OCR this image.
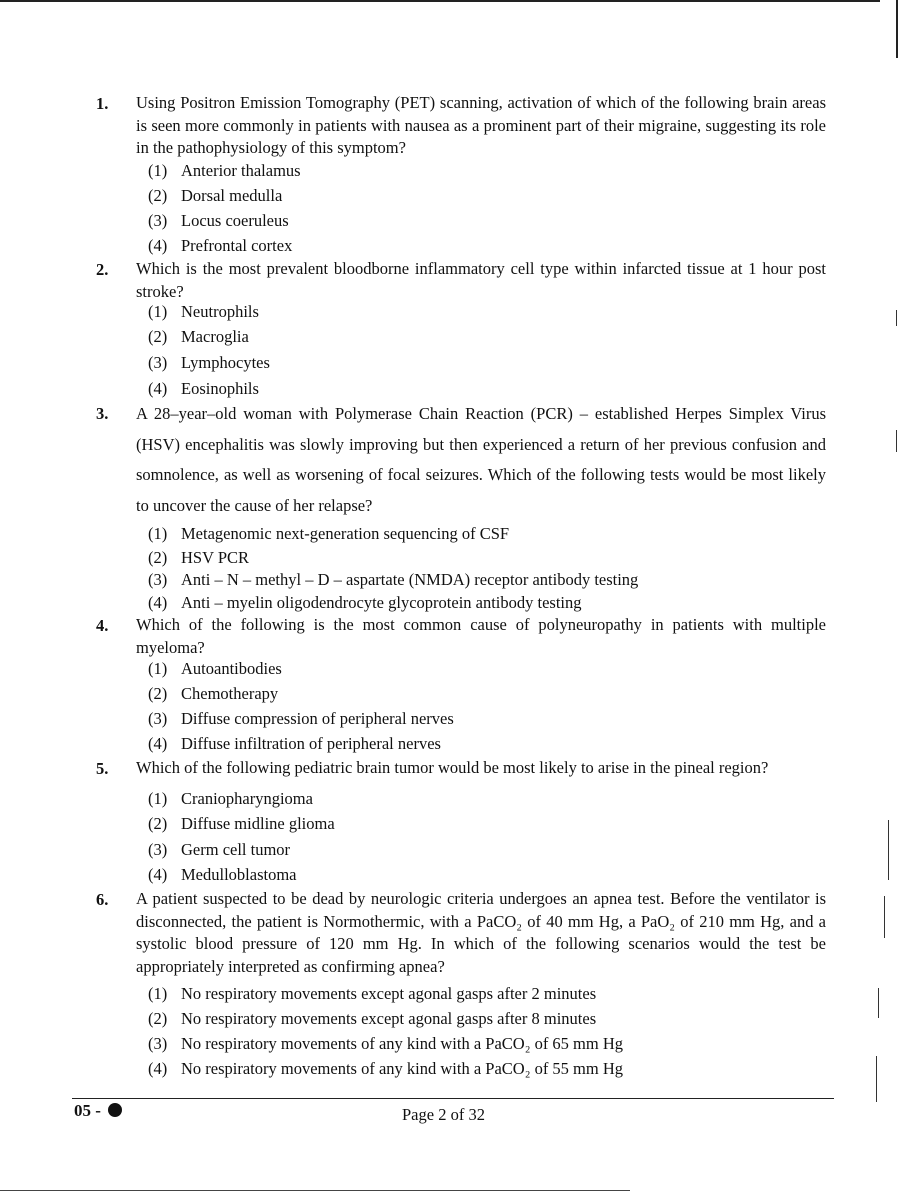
1. Using Positron Emission Tomography (PET) scanning, activation of which of the following brain areas is seen more commonly in patients with nausea as a prominent part of their migraine, suggesting its role in the pathophysiology of this symptom?
(1) Anterior thalamus
(2) Dorsal medulla
(3) Locus coeruleus
(4) Prefrontal cortex
2. Which is the most prevalent bloodborne inflammatory cell type within infarcted tissue at 1 hour post stroke?
(1) Neutrophils
(2) Macroglia
(3) Lymphocytes
(4) Eosinophils
3. A 28–year–old woman with Polymerase Chain Reaction (PCR) – established Herpes Simplex Virus (HSV) encephalitis was slowly improving but then experienced a return of her previous confusion and somnolence, as well as worsening of focal seizures. Which of the following tests would be most likely to uncover the cause of her relapse?
(1) Metagenomic next-generation sequencing of CSF
(2) HSV PCR
(3) Anti – N – methyl – D – aspartate (NMDA) receptor antibody testing
(4) Anti – myelin oligodendrocyte glycoprotein antibody testing
4. Which of the following is the most common cause of polyneuropathy in patients with multiple myeloma?
(1) Autoantibodies
(2) Chemotherapy
(3) Diffuse compression of peripheral nerves
(4) Diffuse infiltration of peripheral nerves
5. Which of the following pediatric brain tumor would be most likely to arise in the pineal region?
(1) Craniopharyngioma
(2) Diffuse midline glioma
(3) Germ cell tumor
(4) Medulloblastoma
6. A patient suspected to be dead by neurologic criteria undergoes an apnea test. Before the ventilator is disconnected, the patient is Normothermic, with a PaCO₂ of 40 mm Hg, a PaO₂ of 210 mm Hg, and a systolic blood pressure of 120 mm Hg. In which of the following scenarios would the test be appropriately interpreted as confirming apnea?
(1) No respiratory movements except agonal gasps after 2 minutes
(2) No respiratory movements except agonal gasps after 8 minutes
(3) No respiratory movements of any kind with a PaCO₂ of 65 mm Hg
(4) No respiratory movements of any kind with a PaCO₂ of 55 mm Hg
05 -	Page 2 of 32
